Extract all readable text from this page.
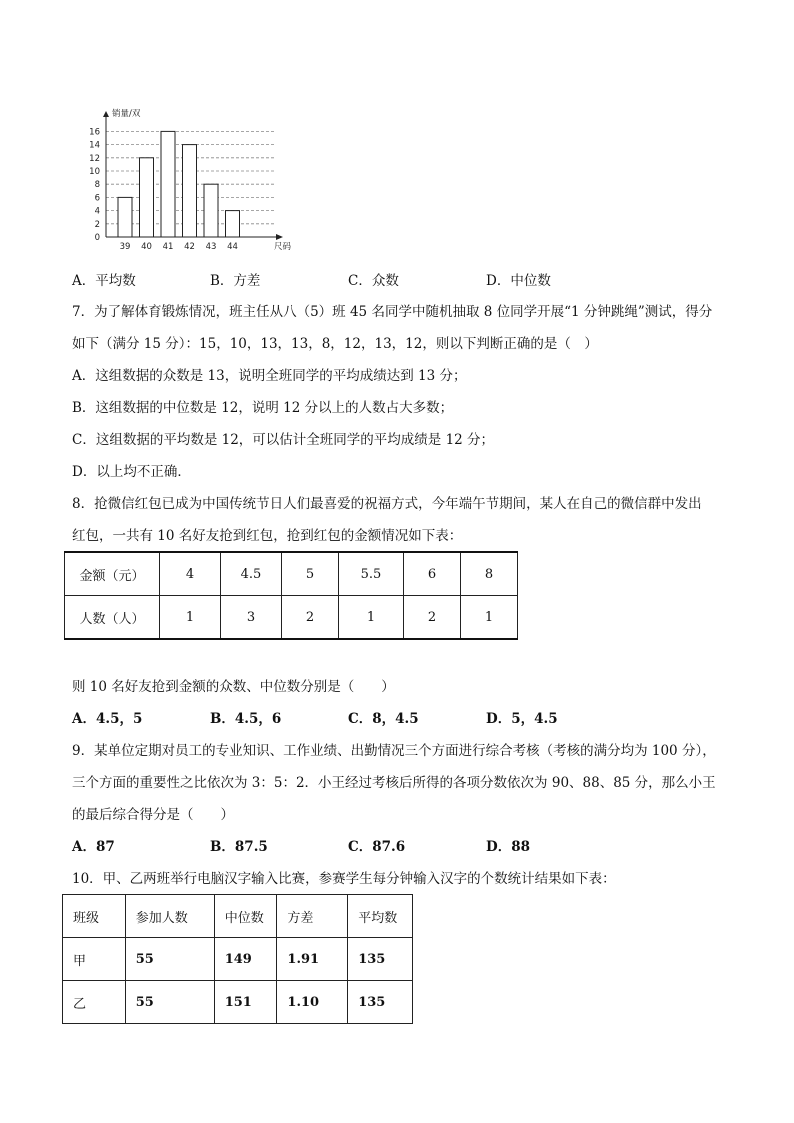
0
2
4
6
8
10
12
14
16
39 40 41 42 43 44
销量/双
尺码
A．平均数	B．方差	C．众数	D．中位数
7．为了解体育锻炼情况，班主任从八（5）班 45 名同学中随机抽取 8 位同学开展“1 分钟跳绳”测试，得分
如下（满分 15 分）：15，10，13，13，8，12，13，12，则以下判断正确的是（　）
A．这组数据的众数是 13，说明全班同学的平均成绩达到 13 分；
B．这组数据的中位数是 12，说明 12 分以上的人数占大多数；
C．这组数据的平均数是 12，可以估计全班同学的平均成绩是 12 分；
D．以上均不正确．
8．抢微信红包已成为中国传统节日人们最喜爱的祝福方式，今年端午节期间，某人在自己的微信群中发出
红包，一共有 10 名好友抢到红包，抢到红包的金额情况如下表：
金额（元）	4	4.5	5	5.5	6	8
人数（人）	1	3	2	1	2	1
则 10 名好友抢到金额的众数、中位数分别是（　　）
A．4.5，5	B．4.5，6	C．8，4.5	D．5，4.5
9．某单位定期对员工的专业知识、工作业绩、出勤情况三个方面进行综合考核（考核的满分均为 100 分），
三个方面的重要性之比依次为 3：5：2．小王经过考核后所得的各项分数依次为 90、88、85 分，那么小王
的最后综合得分是（　　）
A．87	B．87.5	C．87.6	D．88
10．甲、乙两班举行电脑汉字输入比赛，参赛学生每分钟输入汉字的个数统计结果如下表：
班级	参加人数	中位数	方差	平均数
甲	55	149	1.91	135
乙	55	151	1.10	135
